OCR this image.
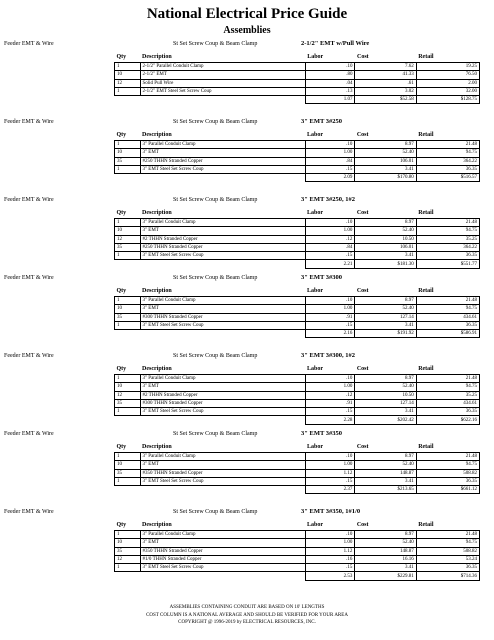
National Electrical Price Guide
Assemblies
Feeder EMT & Wire	St Set Screw Coup & Beam Clamp	2-1/2" EMT w/Pull Wire
Qty	Description	Labor	Cost	Retail
1	2-1/2" Parallel Conduit Clamp	.10	7.62	19.25
10	2-1/2" EMT	.80	41.33	76.50
12	Solid Pull Wire	.04	.61	2.00
1	2-1/2" EMT Steel Set Screw Coup	.13	3.02	32.00
		1.07	$52.58	$128.75
Feeder EMT & Wire	St Set Screw Coup & Beam Clamp	3" EMT 3#250
Qty	Description	Labor	Cost	Retail
1	3" Parallel Conduit Clamp	.10	8.97	21.48
10	3" EMT	1.00	52.40	94.75
35	#250 THHN Stranded Copper	.84	106.01	364.22
1	3" EMT Steel Set Screw Coup	.15	3.41	36.35
		2.09	$170.80	$516.57
Feeder EMT & Wire	St Set Screw Coup & Beam Clamp	3" EMT 3#250, 1#2
Qty	Description	Labor	Cost	Retail
1	3" Parallel Conduit Clamp	.10	8.97	21.48
10	3" EMT	1.00	52.40	94.75
12	#2 THHN Stranded Copper	.12	10.50	35.25
35	#250 THHN Stranded Copper	.84	106.01	364.22
1	3" EMT Steel Set Screw Coup	.15	3.41	36.35
		2.21	$181.30	$551.77
Feeder EMT & Wire	St Set Screw Coup & Beam Clamp	3" EMT 3#300
Qty	Description	Labor	Cost	Retail
1	3" Parallel Conduit Clamp	.10	8.97	21.48
10	3" EMT	1.00	52.40	94.75
35	#300 THHN Stranded Copper	.91	127.14	434.61
1	3" EMT Steel Set Screw Coup	.15	3.41	36.35
		2.16	$191.92	$586.91
Feeder EMT & Wire	St Set Screw Coup & Beam Clamp	3" EMT 3#300, 1#2
Qty	Description	Labor	Cost	Retail
1	3" Parallel Conduit Clamp	.10	8.97	21.48
10	3" EMT	1.00	52.40	94.75
12	#2 THHN Stranded Copper	.12	10.50	35.25
35	#300 THHN Stranded Copper	.91	127.14	434.61
1	3" EMT Steel Set Screw Coup	.15	3.41	36.35
		2.28	$202.42	$622.16
Feeder EMT & Wire	St Set Screw Coup & Beam Clamp	3" EMT 3#350
Qty	Description	Labor	Cost	Retail
1	3" Parallel Conduit Clamp	.10	8.97	21.48
10	3" EMT	1.00	52.40	94.75
35	#350 THHN Stranded Copper	1.12	148.87	508.82
1	3" EMT Steel Set Screw Coup	.15	3.41	36.35
		2.37	$213.65	$661.12
Feeder EMT & Wire	St Set Screw Coup & Beam Clamp	3" EMT 3#350, 1#1/0
Qty	Description	Labor	Cost	Retail
1	3" Parallel Conduit Clamp	.10	8.97	21.48
10	3" EMT	1.00	52.40	94.75
35	#350 THHN Stranded Copper	1.12	148.87	508.82
12	#1/0 THHN Stranded Copper	.16	16.16	53.24
1	3" EMT Steel Set Screw Coup	.15	3.41	36.35
		2.53	$229.81	$714.36
ASSEMBLIES CONTAINING CONDUIT ARE BASED ON 10' LENGTHS
COST COLUMN IS A NATIONAL AVERAGE AND SHOULD BE VERIFIED FOR YOUR AREA
COPYRIGHT @ 1996-2019 by ELECTRICAL RESOURCES, INC.
